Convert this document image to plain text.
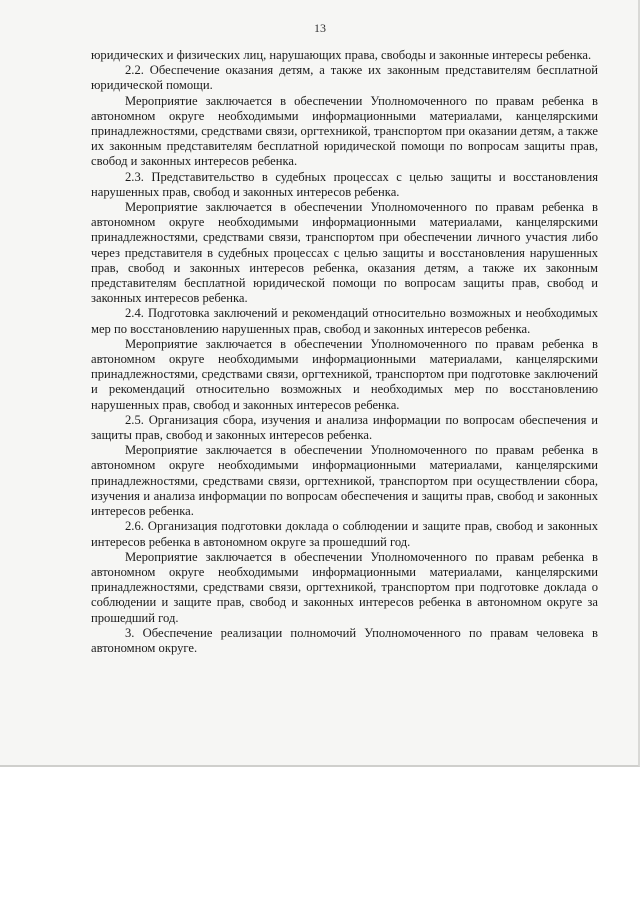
13

юридических и физических лиц, нарушающих права, свободы и законные интересы ребенка.

2.2. Обеспечение оказания детям, а также их законным представителям бесплатной юридической помощи.

Мероприятие заключается в обеспечении Уполномоченного по правам ребенка в автономном округе необходимыми информационными материалами, канцелярскими принадлежностями, средствами связи, оргтехникой, транспортом при оказании детям, а также их законным представителям бесплатной юридической помощи по вопросам защиты прав, свобод и законных интересов ребенка.

2.3. Представительство в судебных процессах с целью защиты и восстановления нарушенных прав, свобод и законных интересов ребенка.

Мероприятие заключается в обеспечении Уполномоченного по правам ребенка в автономном округе необходимыми информационными материалами, канцелярскими принадлежностями, средствами связи, транспортом при обеспечении личного участия либо через представителя в судебных процессах с целью защиты и восстановления нарушенных прав, свобод и законных интересов ребенка, оказания детям, а также их законным представителям бесплатной юридической помощи по вопросам защиты прав, свобод и законных интересов ребенка.

2.4. Подготовка заключений и рекомендаций относительно возможных и необходимых мер по восстановлению нарушенных прав, свобод и законных интересов ребенка.

Мероприятие заключается в обеспечении Уполномоченного по правам ребенка в автономном округе необходимыми информационными материалами, канцелярскими принадлежностями, средствами связи, оргтехникой, транспортом при подготовке заключений и рекомендаций относительно возможных и необходимых мер по восстановлению нарушенных прав, свобод и законных интересов ребенка.

2.5. Организация сбора, изучения и анализа информации по вопросам обеспечения и защиты прав, свобод и законных интересов ребенка.

Мероприятие заключается в обеспечении Уполномоченного по правам ребенка в автономном округе необходимыми информационными материалами, канцелярскими принадлежностями, средствами связи, оргтехникой, транспортом при осуществлении сбора, изучения и анализа информации по вопросам обеспечения и защиты прав, свобод и законных интересов ребенка.

2.6. Организация подготовки доклада о соблюдении и защите прав, свобод и законных интересов ребенка в автономном округе за прошедший год.

Мероприятие заключается в обеспечении Уполномоченного по правам ребенка в автономном округе необходимыми информационными материалами, канцелярскими принадлежностями, средствами связи, оргтехникой, транспортом при подготовке доклада о соблюдении и защите прав, свобод и законных интересов ребенка в автономном округе за прошедший год.

3. Обеспечение реализации полномочий Уполномоченного по правам человека в автономном округе.
